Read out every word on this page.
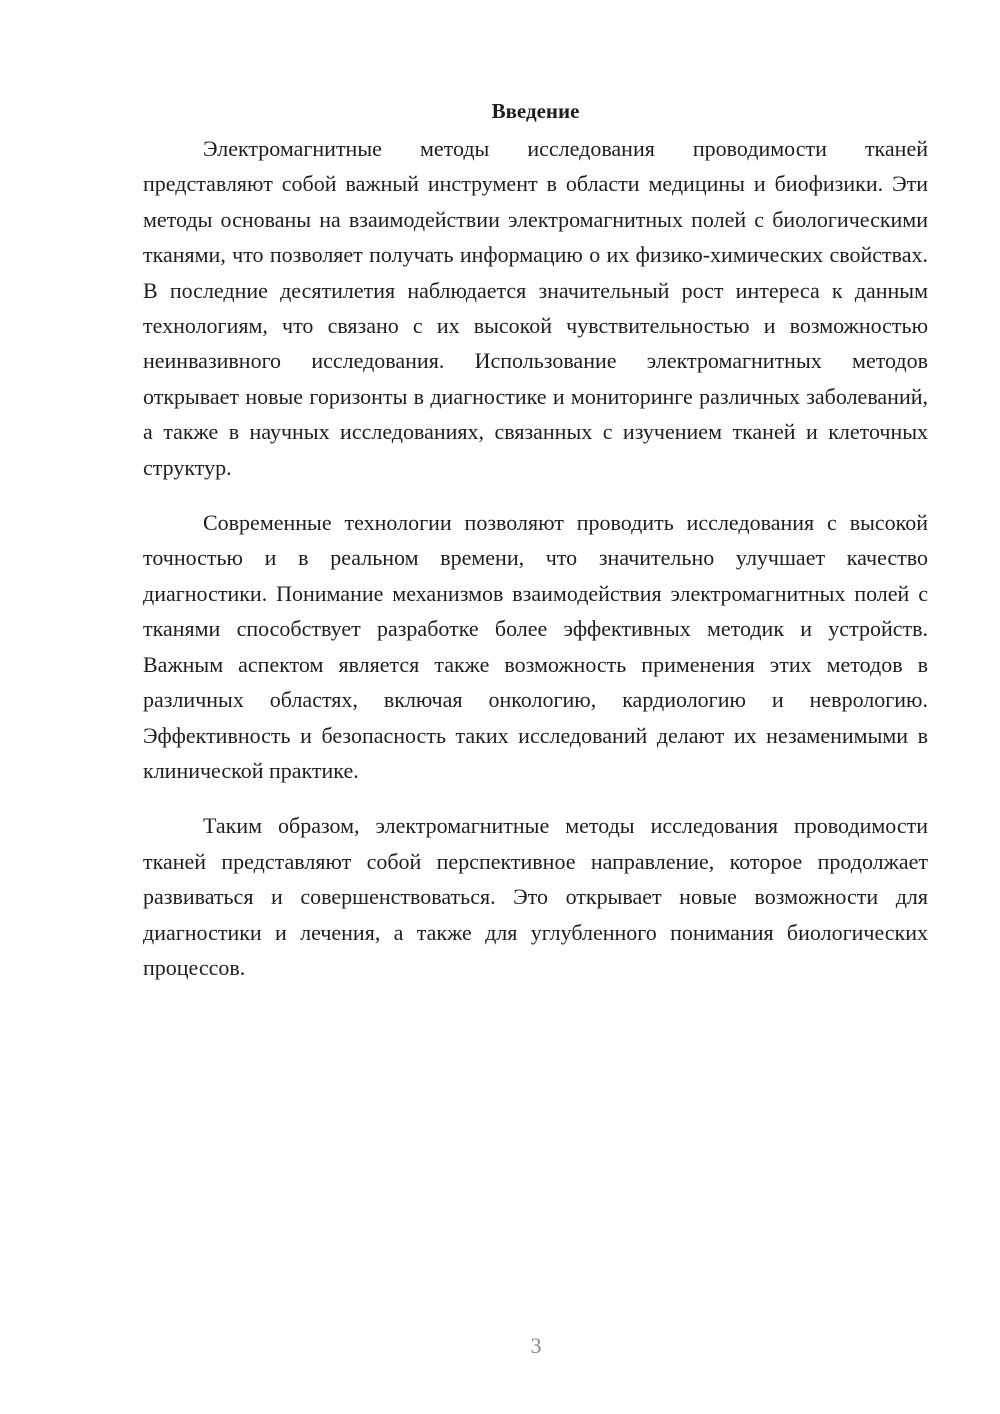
Введение

Электромагнитные методы исследования проводимости тканей представляют собой важный инструмент в области медицины и биофизики. Эти методы основаны на взаимодействии электромагнитных полей с биологическими тканями, что позволяет получать информацию о их физико-химических свойствах. В последние десятилетия наблюдается значительный рост интереса к данным технологиям, что связано с их высокой чувствительностью и возможностью неинвазивного исследования. Использование электромагнитных методов открывает новые горизонты в диагностике и мониторинге различных заболеваний, а также в научных исследованиях, связанных с изучением тканей и клеточных структур.

Современные технологии позволяют проводить исследования с высокой точностью и в реальном времени, что значительно улучшает качество диагностики. Понимание механизмов взаимодействия электромагнитных полей с тканями способствует разработке более эффективных методик и устройств. Важным аспектом является также возможность применения этих методов в различных областях, включая онкологию, кардиологию и неврологию. Эффективность и безопасность таких исследований делают их незаменимыми в клинической практике.

Таким образом, электромагнитные методы исследования проводимости тканей представляют собой перспективное направление, которое продолжает развиваться и совершенствоваться. Это открывает новые возможности для диагностики и лечения, а также для углубленного понимания биологических процессов.

3
